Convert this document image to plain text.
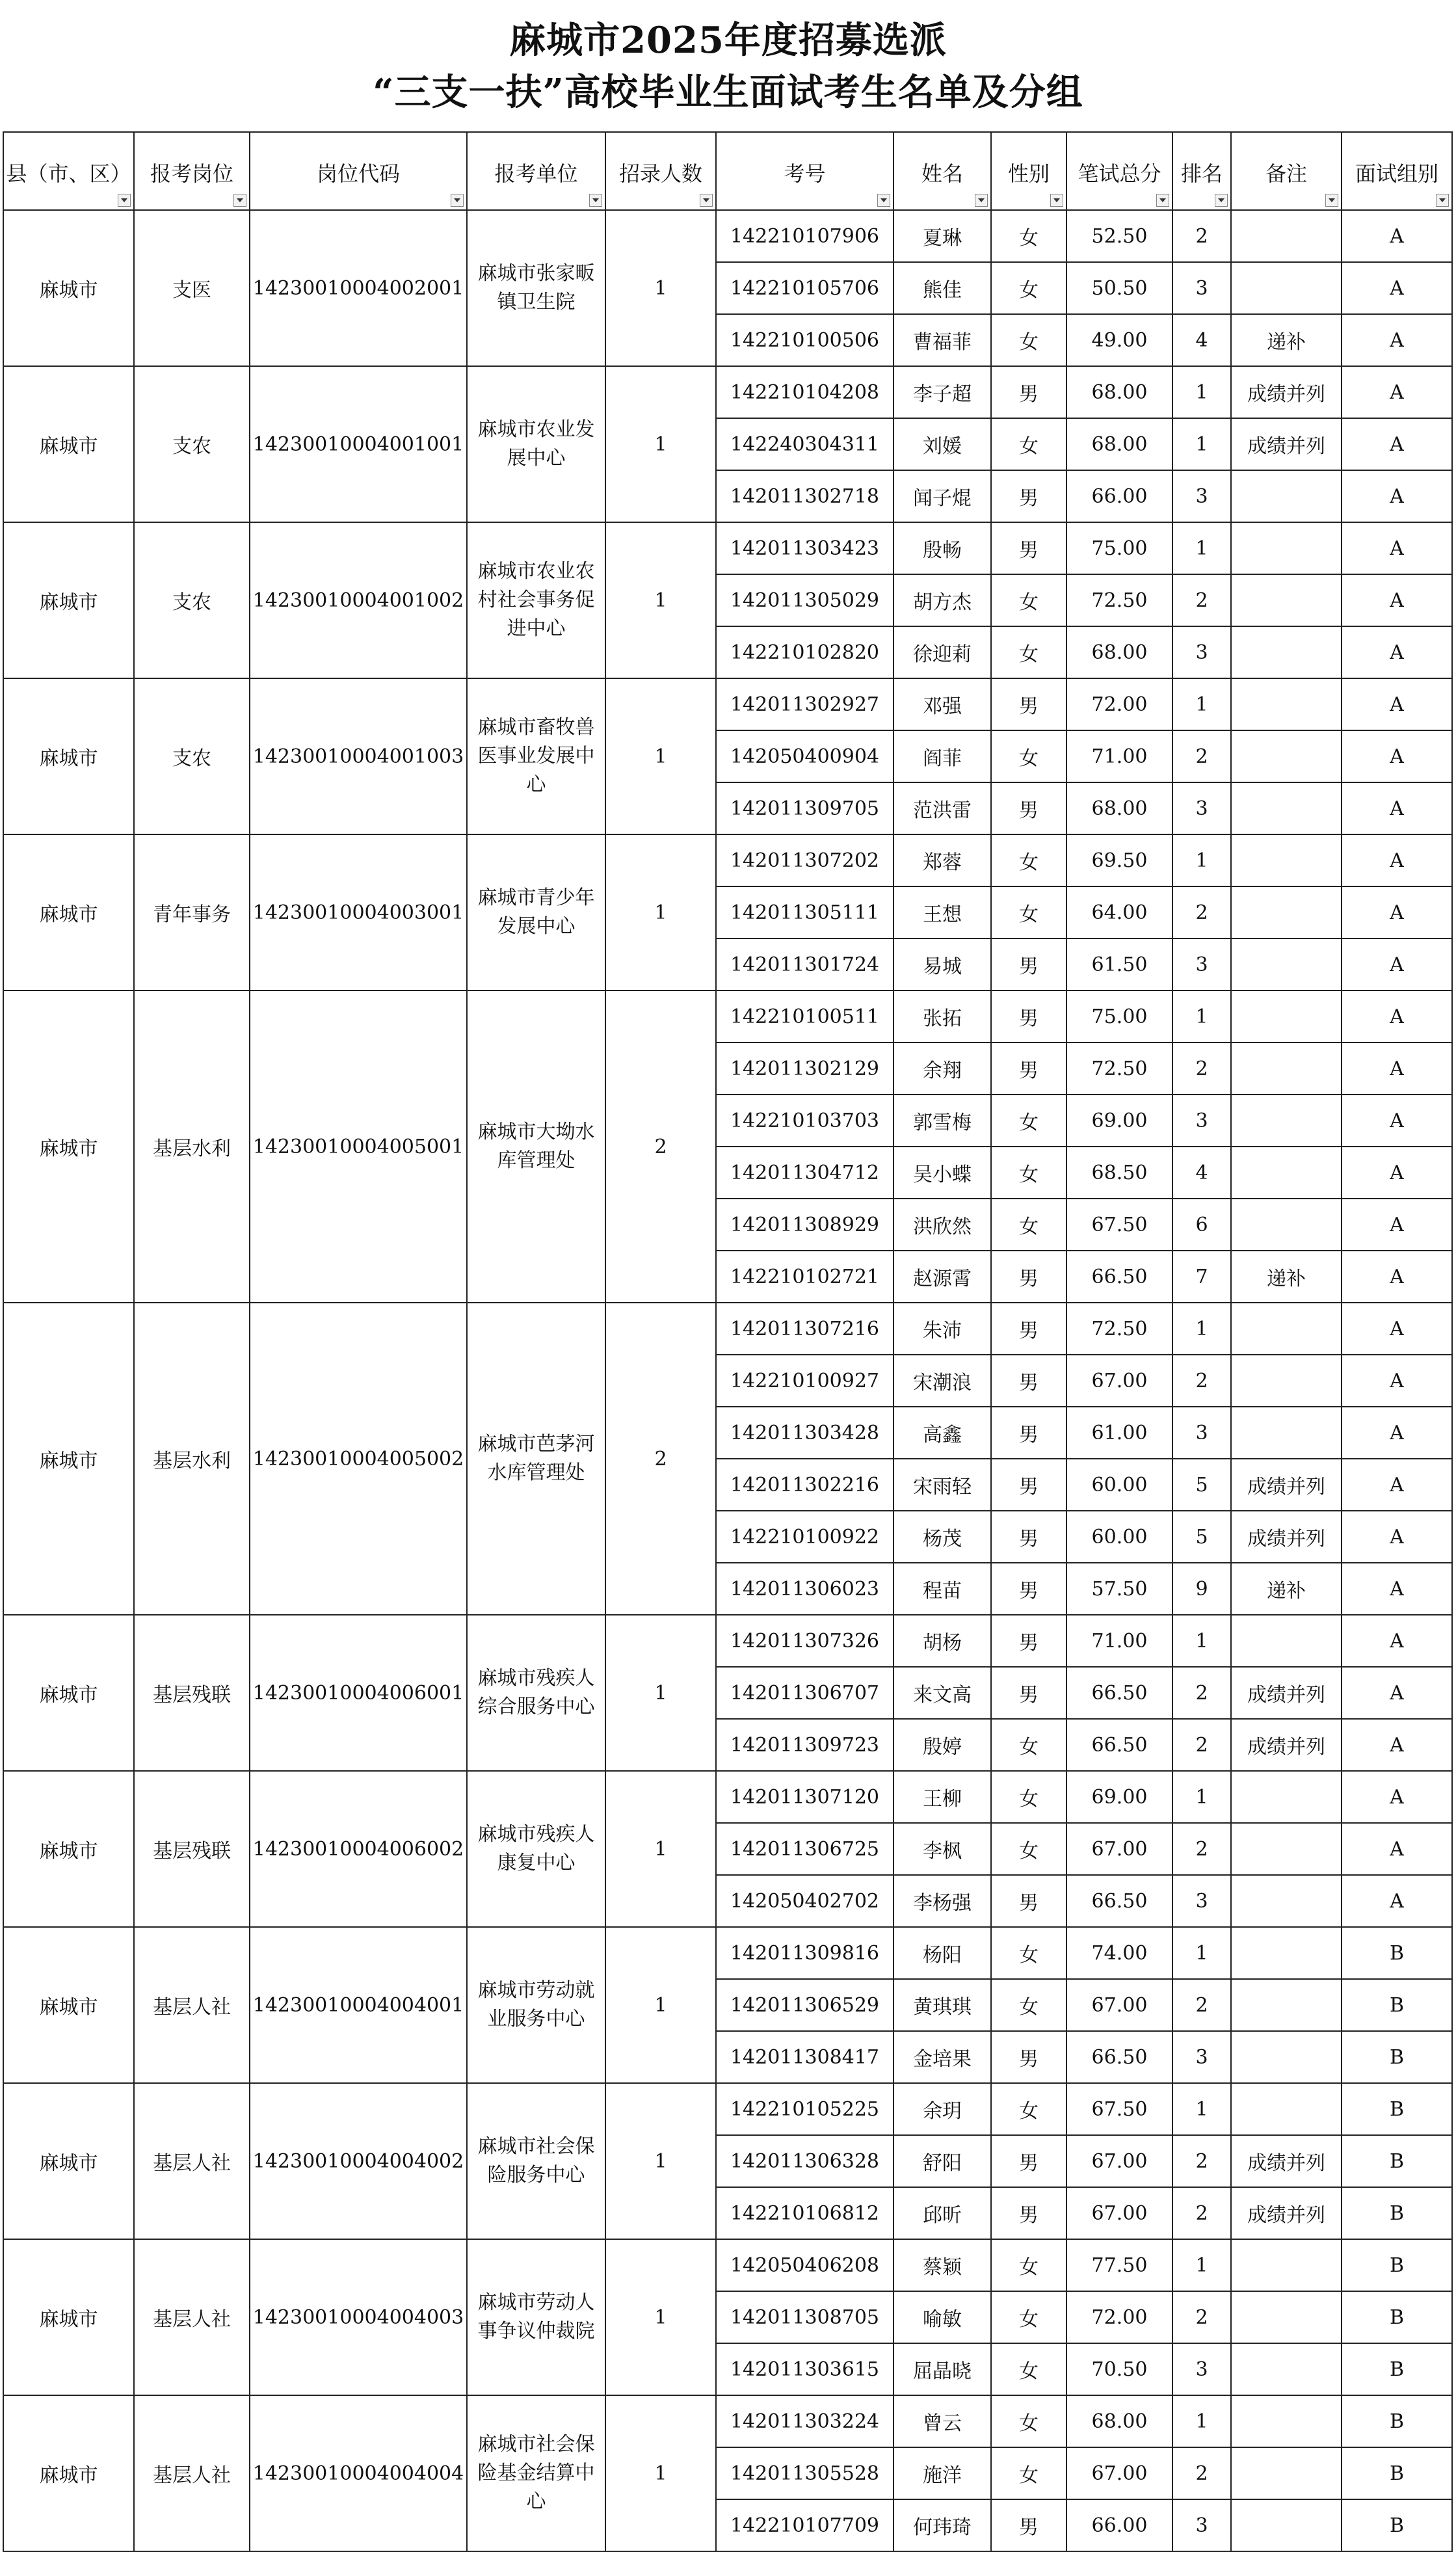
麻城市2025年度招募选派
“三支一扶”高校毕业生面试考生名单及分组
县（市、区）	报考岗位	岗位代码	报考单位	招录人数	考号	姓名	性别	笔试总分	排名	备注	面试组别

麻城市	支医	14230010004002001	麻城市张家畈镇卫生院	1	142210107906	夏琳	女	52.50	2		A
					142210105706	熊佳	女	50.50	3		A
					142210100506	曹福菲	女	49.00	4	递补	A
麻城市	支农	14230010004001001	麻城市农业发展中心	1	142210104208	李子超	男	68.00	1	成绩并列	A
					142240304311	刘媛	女	68.00	1	成绩并列	A
					142011302718	闻子焜	男	66.00	3		A
麻城市	支农	14230010004001002	麻城市农业农村社会事务促进中心	1	142011303423	殷畅	男	75.00	1		A
					142011305029	胡方杰	女	72.50	2		A
					142210102820	徐迎莉	女	68.00	3		A
麻城市	支农	14230010004001003	麻城市畜牧兽医事业发展中心	1	142011302927	邓强	男	72.00	1		A
					142050400904	阎菲	女	71.00	2		A
					142011309705	范洪雷	男	68.00	3		A
麻城市	青年事务	14230010004003001	麻城市青少年发展中心	1	142011307202	郑蓉	女	69.50	1		A
					142011305111	王想	女	64.00	2		A
					142011301724	易城	男	61.50	3		A
麻城市	基层水利	14230010004005001	麻城市大坳水库管理处	2	142210100511	张拓	男	75.00	1		A
					142011302129	余翔	男	72.50	2		A
					142210103703	郭雪梅	女	69.00	3		A
					142011304712	吴小蝶	女	68.50	4		A
					142011308929	洪欣然	女	67.50	6		A
					142210102721	赵源霄	男	66.50	7	递补	A
麻城市	基层水利	14230010004005002	麻城市芭茅河水库管理处	2	142011307216	朱沛	男	72.50	1		A
					142210100927	宋潮浪	男	67.00	2		A
					142011303428	高鑫	男	61.00	3		A
					142011302216	宋雨轻	男	60.00	5	成绩并列	A
					142210100922	杨茂	男	60.00	5	成绩并列	A
					142011306023	程苗	男	57.50	9	递补	A
麻城市	基层残联	14230010004006001	麻城市残疾人综合服务中心	1	142011307326	胡杨	男	71.00	1		A
					142011306707	来文高	男	66.50	2	成绩并列	A
					142011309723	殷婷	女	66.50	2	成绩并列	A
麻城市	基层残联	14230010004006002	麻城市残疾人康复中心	1	142011307120	王柳	女	69.00	1		A
					142011306725	李枫	女	67.00	2		A
					142050402702	李杨强	男	66.50	3		A
麻城市	基层人社	14230010004004001	麻城市劳动就业服务中心	1	142011309816	杨阳	女	74.00	1		B
					142011306529	黄琪琪	女	67.00	2		B
					142011308417	金培果	男	66.50	3		B
麻城市	基层人社	14230010004004002	麻城市社会保险服务中心	1	142210105225	余玥	女	67.50	1		B
					142011306328	舒阳	男	67.00	2	成绩并列	B
					142210106812	邱昕	男	67.00	2	成绩并列	B
麻城市	基层人社	14230010004004003	麻城市劳动人事争议仲裁院	1	142050406208	蔡颖	女	77.50	1		B
					142011308705	喻敏	女	72.00	2		B
					142011303615	屈晶晓	女	70.50	3		B
麻城市	基层人社	14230010004004004	麻城市社会保险基金结算中心	1	142011303224	曾云	女	68.00	1		B
					142011305528	施洋	女	67.00	2		B
					142210107709	何玮琦	男	66.00	3		B
